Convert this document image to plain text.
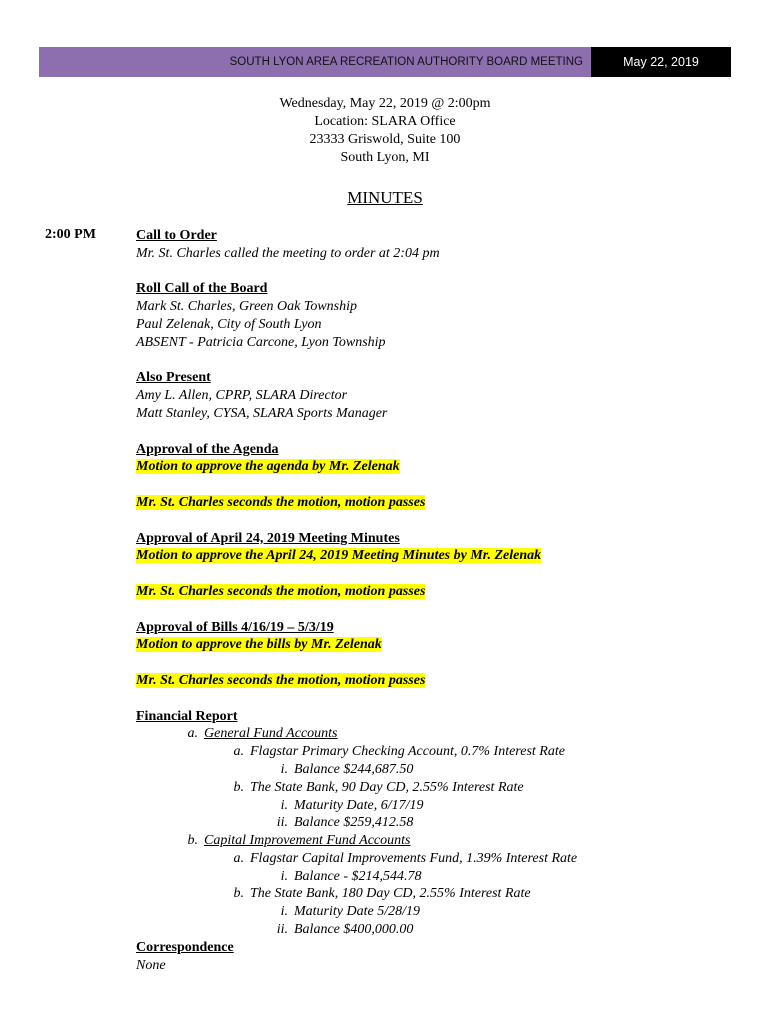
SOUTH LYON AREA RECREATION AUTHORITY BOARD MEETING	May 22, 2019
Wednesday, May 22, 2019 @ 2:00pm
Location: SLARA Office
23333 Griswold, Suite 100
South Lyon, MI
MINUTES
2:00 PM	Call to Order
Mr. St. Charles called the meeting to order at 2:04 pm
Roll Call of the Board
Mark St. Charles, Green Oak Township
Paul Zelenak, City of South Lyon
ABSENT - Patricia Carcone, Lyon Township
Also Present
Amy L. Allen, CPRP, SLARA Director
Matt Stanley, CYSA, SLARA Sports Manager
Approval of the Agenda
Motion to approve the agenda by Mr. Zelenak

Mr. St. Charles seconds the motion, motion passes
Approval of April 24, 2019 Meeting Minutes
Motion to approve the April 24, 2019 Meeting Minutes by Mr. Zelenak

Mr. St. Charles seconds the motion, motion passes
Approval of Bills 4/16/19 – 5/3/19
Motion to approve the bills by Mr. Zelenak

Mr. St. Charles seconds the motion, motion passes
Financial Report
a. General Fund Accounts
a. Flagstar Primary Checking Account, 0.7% Interest Rate
i. Balance $244,687.50
b. The State Bank, 90 Day CD, 2.55% Interest Rate
i. Maturity Date, 6/17/19
ii. Balance $259,412.58
b. Capital Improvement Fund Accounts
a. Flagstar Capital Improvements Fund, 1.39% Interest Rate
i. Balance - $214,544.78
b. The State Bank, 180 Day CD, 2.55% Interest Rate
i. Maturity Date 5/28/19
ii. Balance $400,000.00
Correspondence
None
